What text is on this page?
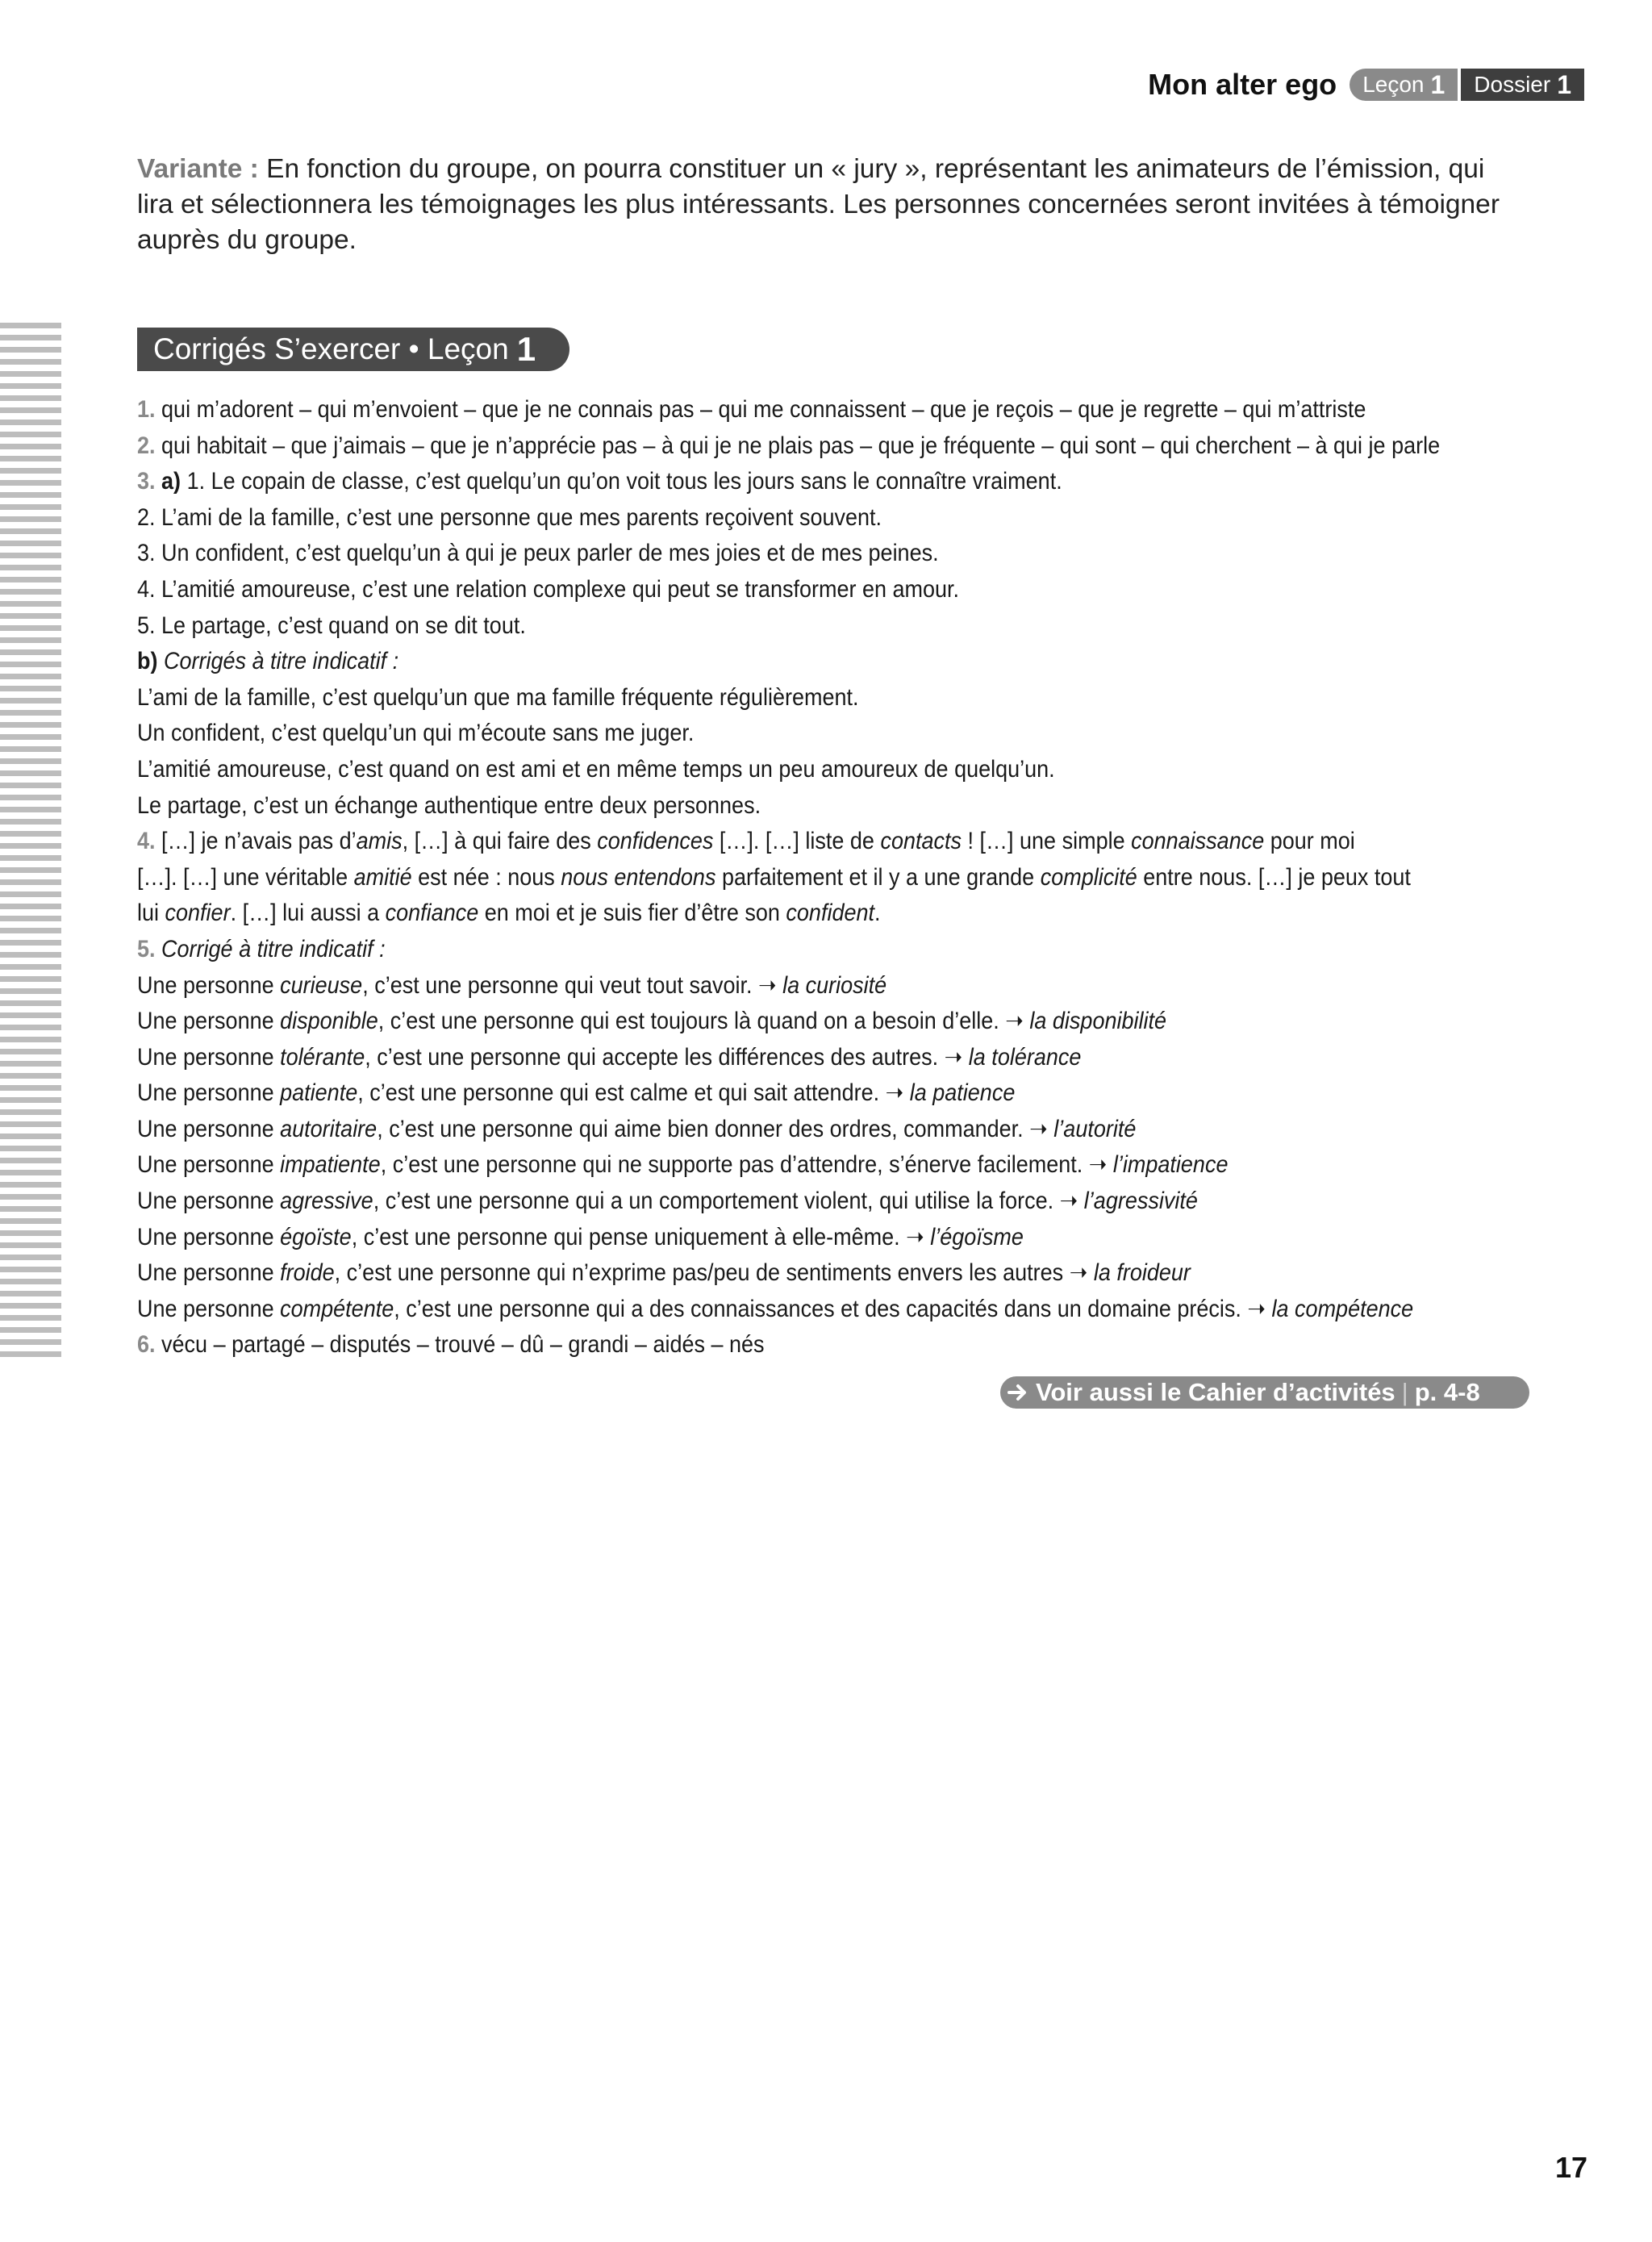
Mon alter ego Leçon 1 Dossier 1
Variante : En fonction du groupe, on pourra constituer un « jury », représentant les animateurs de l’émission, qui lira et sélectionnera les témoignages les plus intéressants. Les personnes concernées seront invitées à témoigner auprès du groupe.
Corrigés S’exercer • Leçon 1
1. qui m’adorent – qui m’envoient – que je ne connais pas – qui me connaissent – que je reçois – que je regrette – qui m’attriste
2. qui habitait – que j’aimais – que je n’apprécie pas – à qui je ne plais pas – que je fréquente – qui sont – qui cherchent – à qui je parle
3. a) 1. Le copain de classe, c’est quelqu’un qu’on voit tous les jours sans le connaître vraiment.
2. L’ami de la famille, c’est une personne que mes parents reçoivent souvent.
3. Un confident, c’est quelqu’un à qui je peux parler de mes joies et de mes peines.
4. L’amitié amoureuse, c’est une relation complexe qui peut se transformer en amour.
5. Le partage, c’est quand on se dit tout.
b) Corrigés à titre indicatif :
L’ami de la famille, c’est quelqu’un que ma famille fréquente régulièrement.
Un confident, c’est quelqu’un qui m’écoute sans me juger.
L’amitié amoureuse, c’est quand on est ami et en même temps un peu amoureux de quelqu’un.
Le partage, c’est un échange authentique entre deux personnes.
4. […] je n’avais pas d’amis, […] à qui faire des confidences […]. […] liste de contacts ! […] une simple connaissance pour moi
[…]. […] une véritable amitié est née : nous nous entendons parfaitement et il y a une grande complicité entre nous. […] je peux tout
lui confier. […] lui aussi a confiance en moi et je suis fier d’être son confident.
5. Corrigé à titre indicatif :
Une personne curieuse, c’est une personne qui veut tout savoir. ➝ la curiosité
Une personne disponible, c’est une personne qui est toujours là quand on a besoin d’elle. ➝ la disponibilité
Une personne tolérante, c’est une personne qui accepte les différences des autres. ➝ la tolérance
Une personne patiente, c’est une personne qui est calme et qui sait attendre. ➝ la patience
Une personne autoritaire, c’est une personne qui aime bien donner des ordres, commander. ➝ l’autorité
Une personne impatiente, c’est une personne qui ne supporte pas d’attendre, s’énerve facilement. ➝ l’impatience
Une personne agressive, c’est une personne qui a un comportement violent, qui utilise la force. ➝ l’agressivité
Une personne égoïste, c’est une personne qui pense uniquement à elle-même. ➝ l’égoïsme
Une personne froide, c’est une personne qui n’exprime pas/peu de sentiments envers les autres ➝ la froideur
Une personne compétente, c’est une personne qui a des connaissances et des capacités dans un domaine précis. ➝ la compétence
6. vécu – partagé – disputés – trouvé – dû – grandi – aidés – nés
Voir aussi le Cahier d’activités | p. 4-8
17
